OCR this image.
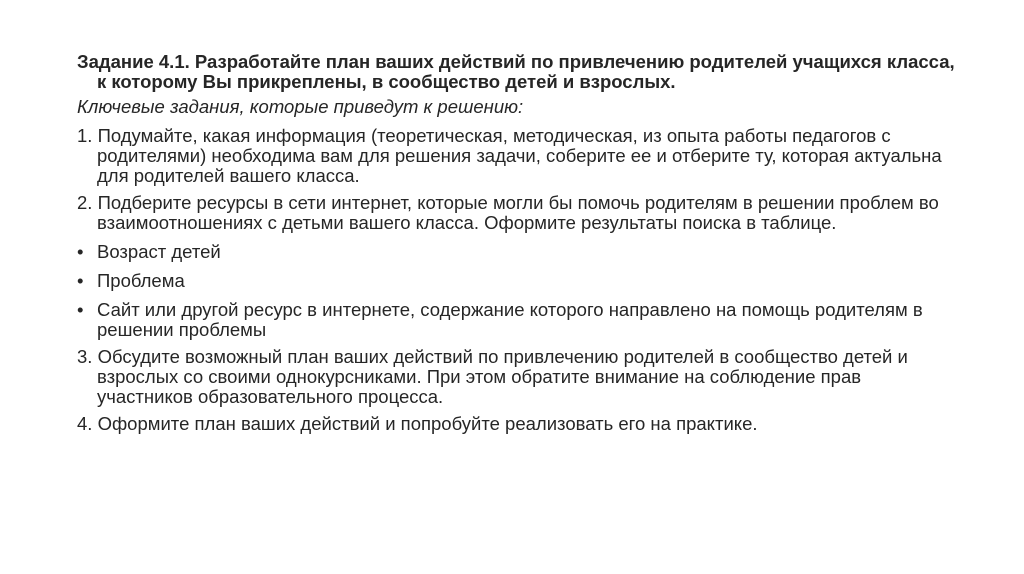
Задание 4.1. Разработайте план ваших действий по привлечению родителей учащихся класса, к которому Вы прикреплены, в сообщество детей и взрослых.

Ключевые задания, которые приведут к решению:

1. Подумайте, какая информация (теоретическая, методическая, из опыта работы педагогов с родителями) необходима вам для решения задачи, соберите ее и отберите ту, которая актуальна для родителей вашего класса.

2. Подберите ресурсы в сети интернет, которые могли бы помочь родителям в решении проблем во взаимоотношениях с детьми вашего класса. Оформите результаты поиска в таблице.

• Возраст детей
• Проблема
• Сайт или другой ресурс в интернете, содержание которого направлено на помощь родителям в решении проблемы

3. Обсудите возможный план ваших действий по привлечению родителей в сообщество детей и взрослых со своими однокурсниками. При этом обратите внимание на соблюдение прав участников образовательного процесса.

4. Оформите план ваших действий и попробуйте реализовать его на практике.
